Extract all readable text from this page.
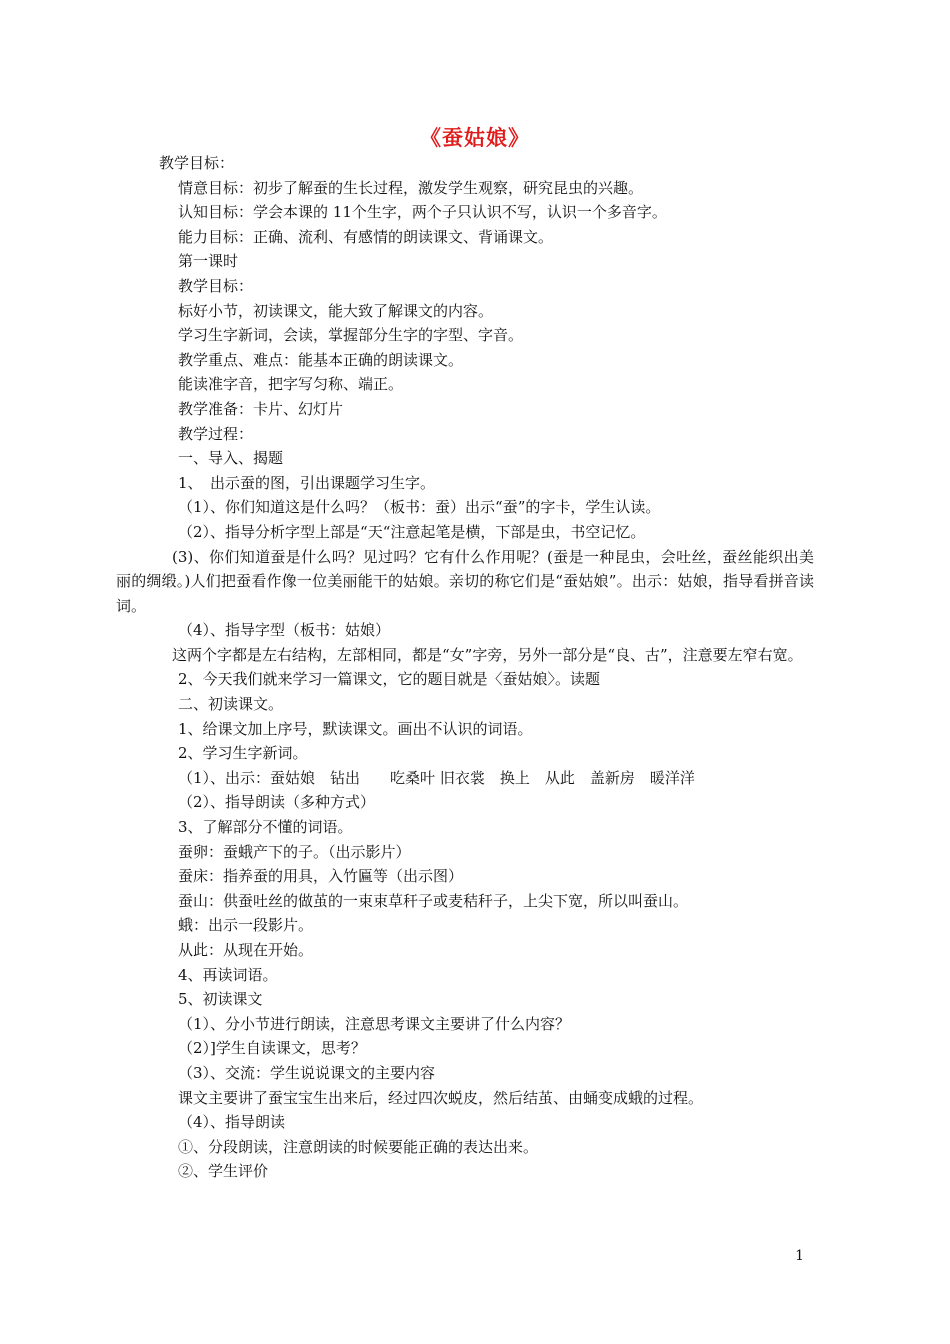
《蚕姑娘》
教学目标：
情意目标：初步了解蚕的生长过程，激发学生观察，研究昆虫的兴趣。
认知目标：学会本课的 11个生字，两个子只认识不写，认识一个多音字。
能力目标：正确、流利、有感情的朗读课文、背诵课文。
第一课时
教学目标：
标好小节，初读课文，能大致了解课文的内容。
学习生字新词，会读，掌握部分生字的字型、字音。
教学重点、难点：能基本正确的朗读课文。
能读准字音，把字写匀称、端正。
教学准备：卡片、幻灯片
教学过程：
一、导入、揭题
1、　出示蚕的图，引出课题学习生字。
（1）、你们知道这是什么吗？（板书：蚕）出示“蚕”的字卡，学生认读。
（2）、指导分析字型上部是“天“注意起笔是横，下部是虫，书空记忆。
(3)、你们知道蚕是什么吗？见过吗？它有什么作用呢？(蚕是一种昆虫，会吐丝，蚕丝能织出美丽的绸缎。)人们把蚕看作像一位美丽能干的姑娘。亲切的称它们是“蚕姑娘”。出示：姑娘，指导看拼音读词。
（4）、指导字型（板书：姑娘）
这两个字都是左右结构，左部相同，都是“女”字旁，另外一部分是“良、古”，注意要左窄右宽。
2、今天我们就来学习一篇课文，它的题目就是〈蚕姑娘〉。读题
二、初读课文。
1、给课文加上序号，默读课文。画出不认识的词语。
2、学习生字新词。
（1）、出示：蚕姑娘　钻出　　吃桑叶 旧衣裳　换上　从此　盖新房　暖洋洋
（2）、指导朗读（多种方式）
3、了解部分不懂的词语。
蚕卵：蚕蛾产下的子。（出示影片）
蚕床：指养蚕的用具，入竹匾等（出示图）
蚕山：供蚕吐丝的做茧的一束束草秆子或麦秸秆子，上尖下宽，所以叫蚕山。
蛾：出示一段影片。
从此：从现在开始。
4、再读词语。
5、初读课文
（1）、分小节进行朗读，注意思考课文主要讲了什么内容？
（2）]学生自读课文，思考？
（3）、交流：学生说说课文的主要内容
课文主要讲了蚕宝宝生出来后，经过四次蜕皮，然后结茧、由蛹变成蛾的过程。
（4）、指导朗读
①、分段朗读，注意朗读的时候要能正确的表达出来。
②、学生评价
1
